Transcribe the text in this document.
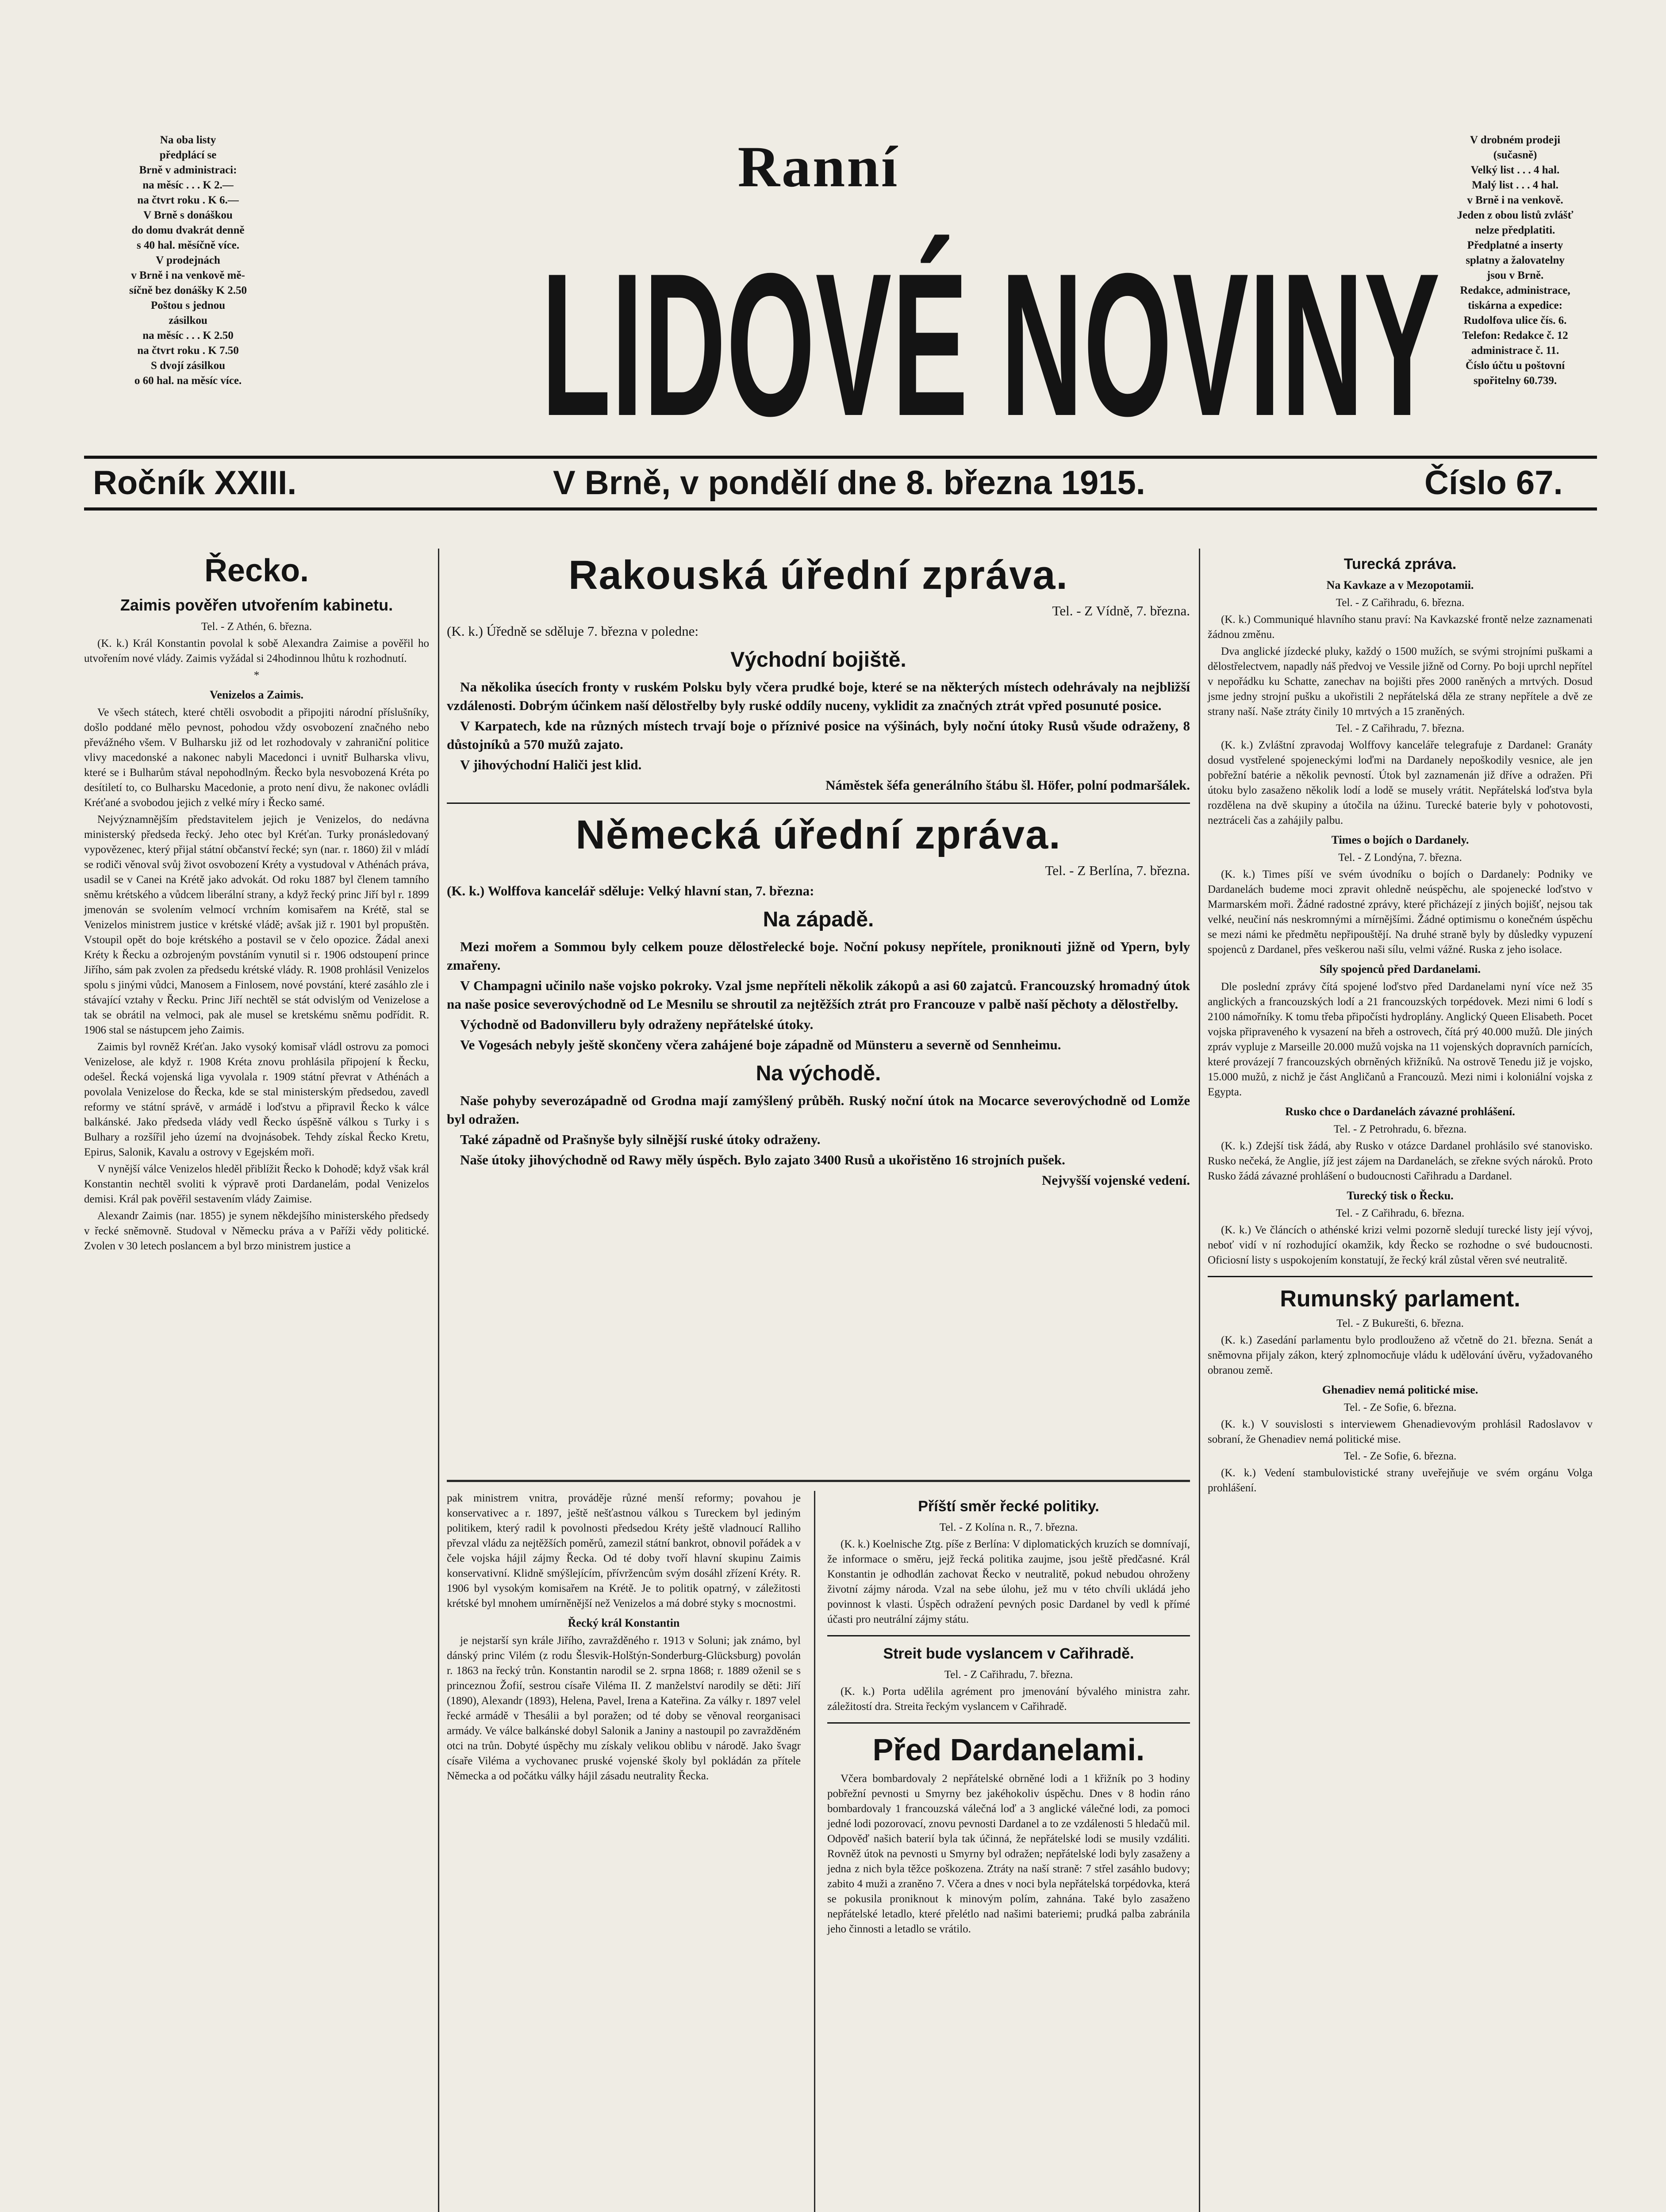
Na oba listy

předplácí se

Brně v administraci:

na měsíc . . . K 2.—

na čtvrt roku . K 6.—

V Brně s donáškou

do domu dvakrát denně

s 40 hal. měsíčně více.

V prodejnách

v Brně i na venkově mě-

síčně bez donášky K 2.50

Poštou s jednou

zásilkou

na měsíc . . . K 2.50

na čtvrt roku . K 7.50

S dvojí zásilkou

o 60 hal. na měsíc více.

Ranní
LIDOVÉ NOVINY

V drobném prodeji

(sučasně)

Velký list . . . 4 hal.

Malý list . . . 4 hal.

v Brně i na venkově.

Jeden z obou listů zvlášť

nelze předplatiti.

Předplatné a inserty

splatny a žalovatelny

jsou v Brně.

Redakce, administrace,

tiskárna a expedice:

Rudolfova ulice čís. 6.

Telefon: Redakce č. 12

administrace č. 11.

Číslo účtu u poštovní

spořitelny 60.739.

Ročník XXIII.	V Brně, v pondělí dne 8. března 1915.	Číslo 67.
Řecko.
Zaimis pověřen utvořením kabinetu.

Tel. - Z Athén, 6. března.

(K. k.) Král Konstantin povolal k sobě Alexandra Zaimise a pověřil ho utvořením nové vlády. Zaimis vyžádal si 24hodinnou lhůtu k rozhodnutí.

*

Venizelos a Zaimis.

Ve všech státech, které chtěli osvobodit a připojiti národní příslušníky, došlo poddané mělo pevnost, pohodou vždy osvobození značného nebo převážného všem. V Bulharsku již od let rozhodovaly v zahraniční politice vlivy macedonské a nakonec nabyli Macedonci i uvnitř Bulharska vlivu, které se i Bulharům stával nepohodlným. Řecko byla nesvobozená Kréta po desítiletí to, co Bulharsku Macedonie, a proto není divu, že nakonec ovládli Kréťané a svobodou jejich z velké míry i Řecko samé.

Nejvýznamnějším představitelem jejich je Venizelos, do nedávna ministerský předseda řecký. Jeho otec byl Kréťan. Turky pronásledovaný vypovězenec, který přijal státní občanství řecké; syn (nar. r. 1860) žil v mládí se rodiči věnoval svůj život osvobození Kréty a vystudoval v Athénách práva, usadil se v Canei na Krétě jako advokát. Od roku 1887 byl členem tamního sněmu krétského a vůdcem liberální strany, a když řecký princ Jiří byl r. 1899 jmenován se svolením velmocí vrchním komisařem na Krétě, stal se Venizelos ministrem justice v krétské vládě; avšak již r. 1901 byl propuštěn. Vstoupil opět do boje krétského a postavil se v čelo opozice. Žádal anexi Kréty k Řecku a ozbrojeným povstáním vynutil si r. 1906 odstoupení prince Jiřího, sám pak zvolen za předsedu krétské vlády. R. 1908 prohlásil Venizelos spolu s jinými vůdci, Manosem a Finlosem, nové povstání, které zasáhlo zle i stávající vztahy v Řecku. Princ Jiří nechtěl se stát odvislým od Venizelose a tak se obrátil na velmoci, pak ale musel se kretskému sněmu podřídit. R. 1906 stal se nástupcem jeho Zaimis.

Zaimis byl rovněž Kréťan. Jako vysoký komisař vládl ostrovu za pomoci Venizelose, ale když r. 1908 Kréta znovu prohlásila připojení k Řecku, odešel. Řecká vojenská liga vyvolala r. 1909 státní převrat v Athénách a povolala Venizelose do Řecka, kde se stal ministerským předsedou, zavedl reformy ve státní správě, v armádě i loďstvu a připravil Řecko k válce balkánské. Jako předseda vlády vedl Řecko úspěšně válkou s Turky i s Bulhary a rozšířil jeho území na dvojnásobek. Tehdy získal Řecko Kretu, Epirus, Salonik, Kavalu a ostrovy v Egejském moři.

V nynější válce Venizelos hleděl přiblížit Řecko k Dohodě; když však král Konstantin nechtěl svoliti k výpravě proti Dardanelám, podal Venizelos demisi. Král pak pověřil sestavením vlády Zaimise.

Alexandr Zaimis (nar. 1855) je synem někdejšího ministerského předsedy v řecké sněmovně. Studoval v Německu práva a v Paříži vědy politické. Zvolen v 30 letech poslancem a byl brzo ministrem justice a

Rakouská úřední zpráva.

Tel. - Z Vídně, 7. března.

(K. k.) Úředně se sděluje 7. března v poledne:

Východní bojiště.

Na několika úsecích fronty v ruském Polsku byly včera prudké boje, které se na některých místech odehrávaly na nejbližší vzdálenosti. Dobrým účinkem naší dělostřelby byly ruské oddíly nuceny, vyklidit za značných ztrát vpřed posunuté posice.

V Karpatech, kde na různých místech trvají boje o příznivé posice na výšinách, byly noční útoky Rusů všude odraženy, 8 důstojníků a 570 mužů zajato.

V jihovýchodní Haliči jest klid.

Náměstek šéfa generálního štábu šl. Höfer, polní podmaršálek.

Německá úřední zpráva.

Tel. - Z Berlína, 7. března.

(K. k.) Wolffova kancelář sděluje: Velký hlavní stan, 7. března:

Na západě.

Mezi mořem a Sommou byly celkem pouze dělostřelecké boje. Noční pokusy nepřítele, proniknouti jižně od Ypern, byly zmařeny.

V Champagni učinilo naše vojsko pokroky. Vzal jsme nepříteli několik zákopů a asi 60 zajatců. Francouzský hromadný útok na naše posice severovýchodně od Le Mesnilu se shroutil za nejtěžších ztrát pro Francouze v palbě naší pěchoty a dělostřelby.

Východně od Badonvilleru byly odraženy nepřátelské útoky.

Ve Vogesách nebyly ještě skončeny včera zahájené boje západně od Münsteru a severně od Sennheimu.

Na východě.

Naše pohyby severozápadně od Grodna mají zamýšlený průběh. Ruský noční útok na Mocarce severovýchodně od Lomže byl odražen.

Také západně od Prašnyše byly silnější ruské útoky odraženy.

Naše útoky jihovýchodně od Rawy měly úspěch. Bylo zajato 3400 Rusů a ukořistěno 16 strojních pušek.

Nejvyšší vojenské vedení.

pak ministrem vnitra, prováděje různé menší reformy; povahou je konservativec a r. 1897, ještě nešťastnou válkou s Tureckem byl jediným politikem, který radil k povolnosti předsedou Kréty ještě vladnoucí Ralliho převzal vládu za nejtěžších poměrů, zamezil státní bankrot, obnovil pořádek a v čele vojska hájil zájmy Řecka. Od té doby tvoří hlavní skupinu Zaimis konservativní. Klidně smýšlejícím, přívržencům svým dosáhl zřízení Kréty. R. 1906 byl vysokým komisařem na Krétě. Je to politik opatrný, v záležitosti krétské byl mnohem umírněnější než Venizelos a má dobré styky s mocnostmi.

Řecký král Konstantin

je nejstarší syn krále Jiřího, zavražděného r. 1913 v Soluni; jak známo, byl dánský princ Vilém (z rodu Šlesvik-Holštýn-Sonderburg-Glücksburg) povolán r. 1863 na řecký trůn. Konstantin narodil se 2. srpna 1868; r. 1889 oženil se s princeznou Žofií, sestrou císaře Viléma II. Z manželství narodily se děti: Jiří (1890), Alexandr (1893), Helena, Pavel, Irena a Kateřina. Za války r. 1897 velel řecké armádě v Thesálii a byl poražen; od té doby se věnoval reorganisaci armády. Ve válce balkánské dobyl Salonik a Janiny a nastoupil po zavražděném otci na trůn. Dobyté úspěchy mu získaly velikou oblibu v národě. Jako švagr císaře Viléma a vychovanec pruské vojenské školy byl pokládán za přítele Německa a od počátku války hájil zásadu neutrality Řecka.

Příští směr řecké politiky.

Tel. - Z Kolína n. R., 7. března.

(K. k.) Koelnische Ztg. píše z Berlína: V diplomatických kruzích se domnívají, že informace o směru, jejž řecká politika zaujme, jsou ještě předčasné. Král Konstantin je odhodlán zachovat Řecko v neutralitě, pokud nebudou ohroženy životní zájmy národa. Vzal na sebe úlohu, jež mu v této chvíli ukládá jeho povinnost k vlasti. Úspěch odražení pevných posic Dardanel by vedl k přímé účasti pro neutrální zájmy státu.

Streit bude vyslancem v Cařihradě.

Tel. - Z Cařihradu, 7. března.

(K. k.) Porta udělila agrément pro jmenování bývalého ministra zahr. záležitostí dra. Streita řeckým vyslancem v Cařihradě.

Před Dardanelami.

Včera bombardovaly 2 nepřátelské obrněné lodi a 1 křižník po 3 hodiny pobřežní pevnosti u Smyrny bez jakéhokoliv úspěchu. Dnes v 8 hodin ráno bombardovaly 1 francouzská válečná loď a 3 anglické válečné lodi, za pomoci jedné lodi pozorovací, znovu pevnosti Dardanel a to ze vzdálenosti 5 hledačů mil. Odpověď našich baterií byla tak účinná, že nepřátelské lodi se musily vzdáliti. Rovněž útok na pevnosti u Smyrny byl odražen; nepřátelské lodi byly zasaženy a jedna z nich byla těžce poškozena. Ztráty na naší straně: 7 střel zasáhlo budovy; zabito 4 muži a zraněno 7. Včera a dnes v noci byla nepřátelská torpédovka, která se pokusila proniknout k minovým polím, zahnána. Také bylo zasaženo nepřátelské letadlo, které přelétlo nad našimi bateriemi; prudká palba zabránila jeho činnosti a letadlo se vrátilo.

Turecká zpráva.
Na Kavkaze a v Mezopotamii.

Tel. - Z Cařihradu, 6. března.

(K. k.) Communiqué hlavního stanu praví: Na Kavkazské frontě nelze zaznamenati žádnou změnu.

Dva anglické jízdecké pluky, každý o 1500 mužích, se svými strojními puškami a dělostřelectvem, napadly náš předvoj ve Vessile jižně od Corny. Po boji uprchl nepřítel v nepořádku ku Schatte, zanechav na bojišti přes 2000 raněných a mrtvých. Dosud jsme jedny strojní pušku a ukořistili 2 nepřátelská děla ze strany nepřítele a dvě ze strany naší. Naše ztráty činily 10 mrtvých a 15 zraněných.

Tel. - Z Cařihradu, 7. března.

(K. k.) Zvláštní zpravodaj Wolffovy kanceláře telegrafuje z Dardanel: Granáty dosud vystřelené spojeneckými loďmi na Dardanely nepoškodily vesnice, ale jen pobřežní batérie a několik pevností. Útok byl zaznamenán již dříve a odražen. Při útoku bylo zasaženo několik lodí a lodě se musely vrátit. Nepřátelská loďstva byla rozdělena na dvě skupiny a útočila na úžinu. Turecké baterie byly v pohotovosti, neztráceli čas a zahájily palbu.

Times o bojích o Dardanely.

Tel. - Z Londýna, 7. března.

(K. k.) Times píší ve svém úvodníku o bojích o Dardanely: Podniky ve Dardanelách budeme moci zpravit ohledně neúspěchu, ale spojenecké loďstvo v Marmarském moři. Žádné radostné zprávy, které přicházejí z jiných bojišť, nejsou tak velké, neučiní nás neskromnými a mírnějšími. Žádné optimismu o konečném úspěchu se mezi námi ke předmětu nepřipouštějí. Na druhé straně byly by důsledky vypuzení spojenců z Dardanel, přes veškerou naši sílu, velmi vážné. Ruska z jeho isolace.

Síly spojenců před Dardanelami.

Dle poslední zprávy čítá spojené loďstvo před Dardanelami nyní více než 35 anglických a francouzských lodí a 21 francouzských torpédovek. Mezi nimi 6 lodí s 2100 námořníky. K tomu třeba připočísti hydroplány. Anglický Queen Elisabeth. Pocet vojska připraveného k vysazení na břeh a ostrovech, čítá prý 40.000 mužů. Dle jiných zpráv vypluje z Marseille 20.000 mužů vojska na 11 vojenských dopravních parnících, které provázejí 7 francouzských obrněných křižníků. Na ostrově Tenedu již je vojsko, 15.000 mužů, z nichž je část Angličanů a Francouzů. Mezi nimi i koloniální vojska z Egypta.

Rusko chce o Dardanelách závazné prohlášení.

Tel. - Z Petrohradu, 6. března.

(K. k.) Zdejší tisk žádá, aby Rusko v otázce Dardanel prohlásilo své stanovisko. Rusko nečeká, že Anglie, jíž jest zájem na Dardanelách, se zřekne svých nároků. Proto Rusko žádá závazné prohlášení o budoucnosti Cařihradu a Dardanel.

Turecký tisk o Řecku.

Tel. - Z Cařihradu, 6. března.

(K. k.) Ve článcích o athénské krizi velmi pozorně sledují turecké listy její vývoj, neboť vidí v ní rozhodující okamžik, kdy Řecko se rozhodne o své budoucnosti. Oficiosní listy s uspokojením konstatují, že řecký král zůstal věren své neutralitě.

Rumunský parlament.

Tel. - Z Bukurešti, 6. března.

(K. k.) Zasedání parlamentu bylo prodlouženo až včetně do 21. března. Senát a sněmovna přijaly zákon, který zplnomocňuje vládu k udělování úvěru, vyžadovaného obranou země.

Ghenadiev nemá politické mise.

Tel. - Ze Sofie, 6. března.

(K. k.) V souvislosti s interviewem Ghenadievovým prohlásil Radoslavov v sobraní, že Ghenadiev nemá politické mise.

Tel. - Ze Sofie, 6. března.

(K. k.) Vedení stambulovistické strany uveřejňuje ve svém orgánu Volga prohlášení.
